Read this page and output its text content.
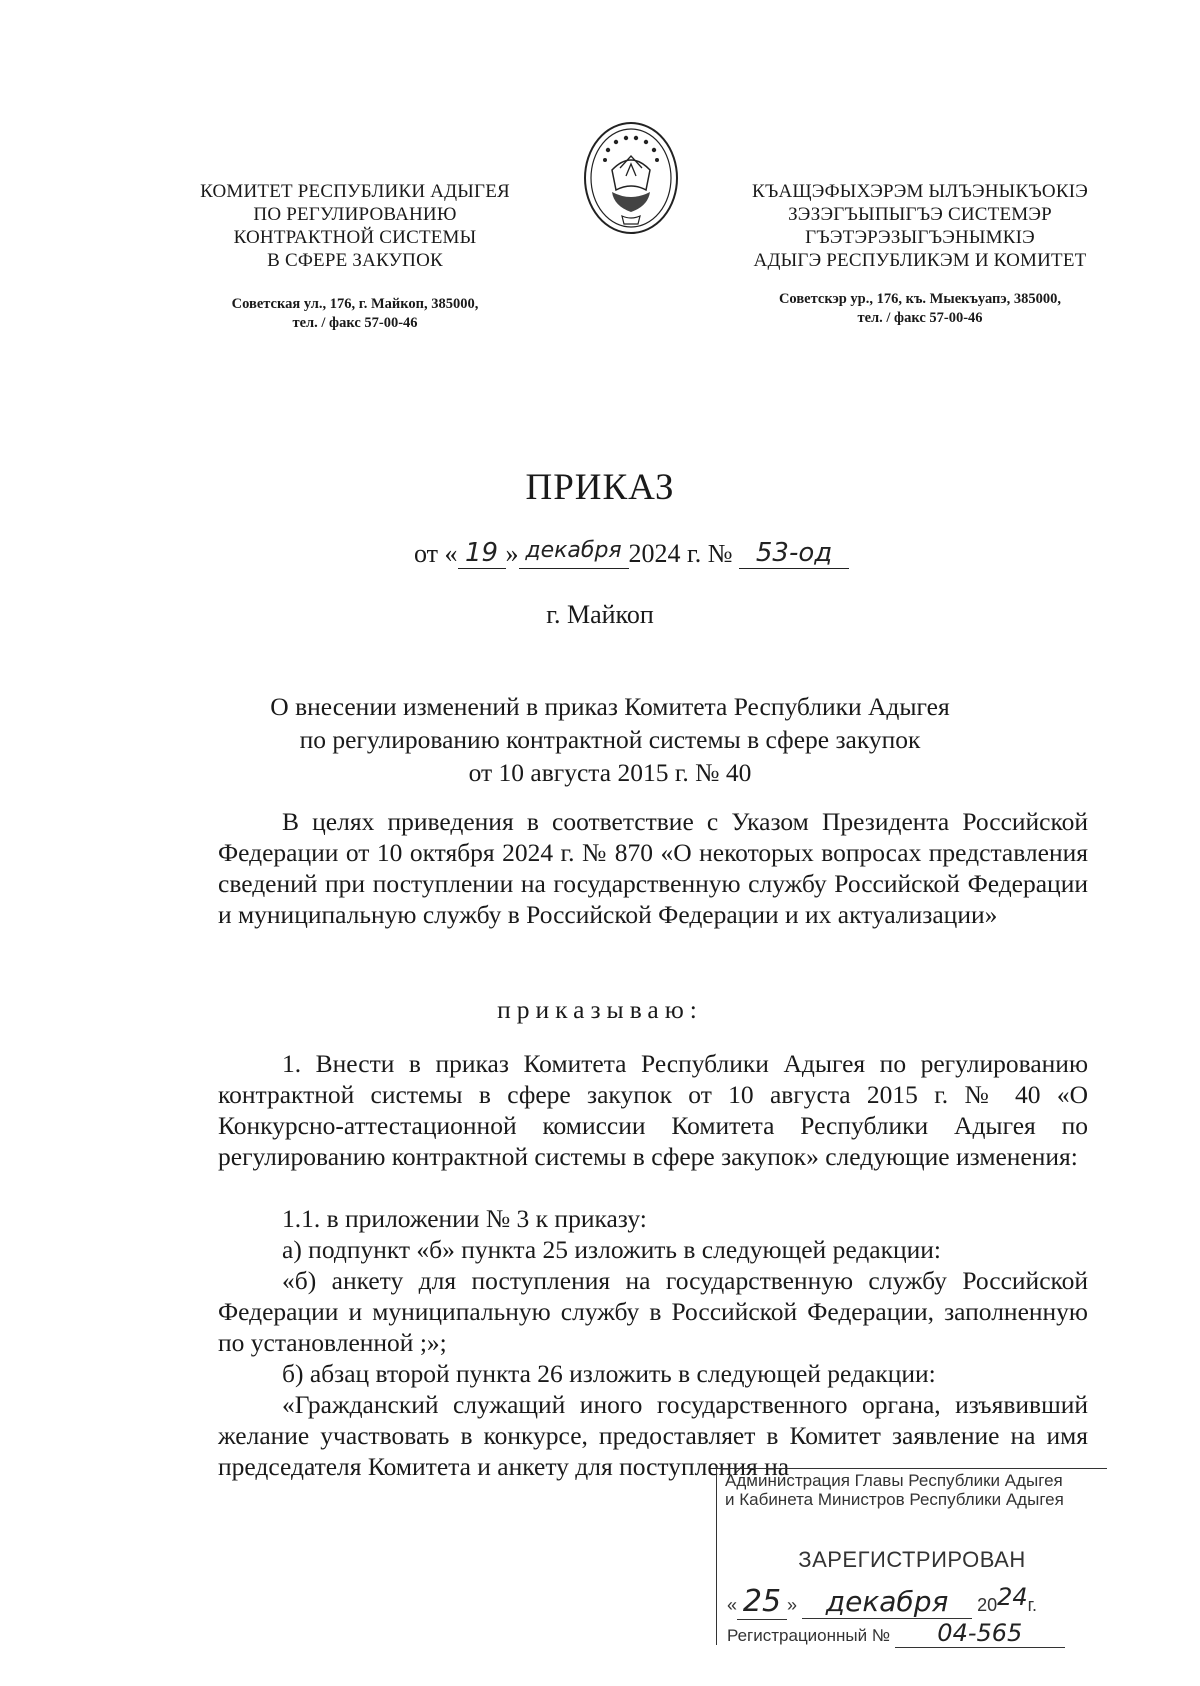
КОМИТЕТ РЕСПУБЛИКИ АДЫГЕЯ
ПО РЕГУЛИРОВАНИЮ
КОНТРАКТНОЙ СИСТЕМЫ
В СФЕРЕ ЗАКУПОК
Советская ул., 176, г. Майкоп, 385000,
тел. / факс 57-00-46
КЪАЩЭФЫХЭРЭМ ЫЛЪЭНЫКЪОКIЭ
ЗЭЗЭГЪЫПЫГЪЭ СИСТЕМЭР
ГЪЭТЭРЭЗЫГЪЭНЫМКIЭ
АДЫГЭ РЕСПУБЛИКЭМ И КОМИТЕТ
Советскэр ур., 176, къ. Мыекъуапэ, 385000,
тел. / факс 57-00-46
ПРИКАЗ
от « 19 » декабря 2024 г. № 53-од
г. Майкоп
О внесении изменений в приказ Комитета Республики Адыгея
по регулированию контрактной системы в сфере закупок
от 10 августа 2015 г. № 40
В целях приведения в соответствие с Указом Президента Российской Федерации от 10 октября 2024 г. № 870 «О некоторых вопросах представления сведений при поступлении на государственную службу Российской Федерации и муниципальную службу в Российской Федерации и их актуализации»
приказываю:
1. Внести в приказ Комитета Республики Адыгея по регулированию контрактной системы в сфере закупок от 10 августа 2015 г. № 40 «О Конкурсно-аттестационной комиссии Комитета Республики Адыгея по регулированию контрактной системы в сфере закупок» следующие изменения:
1.1. в приложении № 3 к приказу:
а) подпункт «б» пункта 25 изложить в следующей редакции:
«б) анкету для поступления на государственную службу Российской Федерации и муниципальную службу в Российской Федерации, заполненную по установленной ;»;
б) абзац второй пункта 26 изложить в следующей редакции:
«Гражданский служащий иного государственного органа, изъявивший желание участвовать в конкурсе, предоставляет в Комитет заявление на имя председателя Комитета и анкету для поступления на
Администрация Главы Республики Адыгея
и Кабинета Министров Республики Адыгея
ЗАРЕГИСТРИРОВАН
« 25 » декабря 2024г.
Регистрационный № 04-565
